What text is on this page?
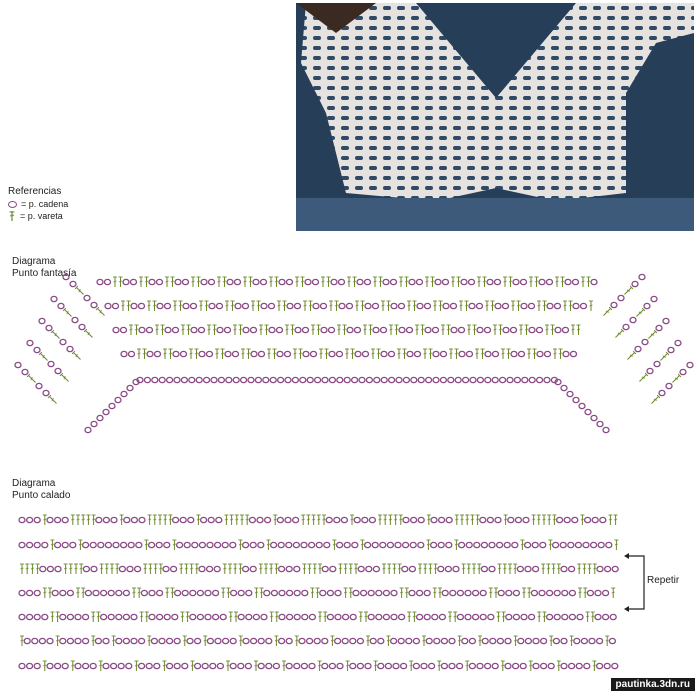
Referencias
= p. cadena
= p. vareta
Diagrama
Punto fantasía
Diagrama
Punto calado
Repetir
pautinka.3dn.ru
